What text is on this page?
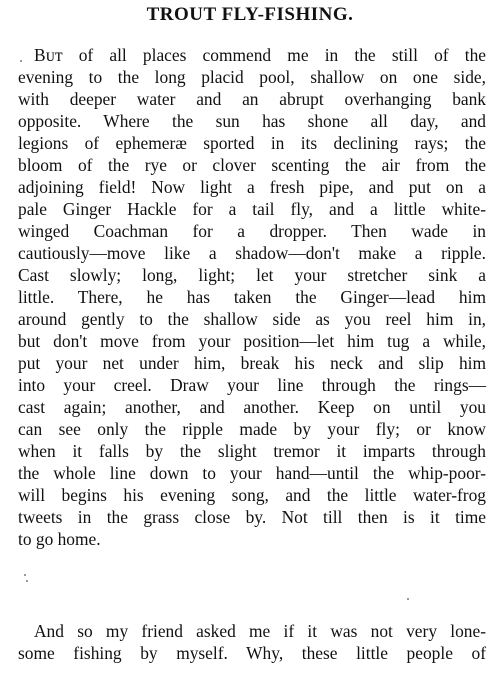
TROUT FLY-FISHING.
Bᴜᴛ of all places commend me in the still of the
evening to the long placid pool, shallow on one side,
with deeper water and an abrupt overhanging bank
opposite. Where the sun has shone all day, and
legions of ephemeræ sported in its declining rays; the
bloom of the rye or clover scenting the air from the
adjoining field! Now light a fresh pipe, and put on a
pale Ginger Hackle for a tail fly, and a little white-
winged Coachman for a dropper. Then wade in
cautiously—move like a shadow—don't make a ripple.
Cast slowly; long, light; let your stretcher sink a
little. There, he has taken the Ginger—lead him
around gently to the shallow side as you reel him in,
but don't move from your position—let him tug a while,
put your net under him, break his neck and slip him
into your creel. Draw your line through the rings—
cast again; another, and another. Keep on until you
can see only the ripple made by your fly; or know
when it falls by the slight tremor it imparts through
the whole line down to your hand—until the whip-poor-
will begins his evening song, and the little water-frog
tweets in the grass close by. Not till then is it time
to go home.
And so my friend asked me if it was not very lone-
some fishing by myself. Why, these little people of
